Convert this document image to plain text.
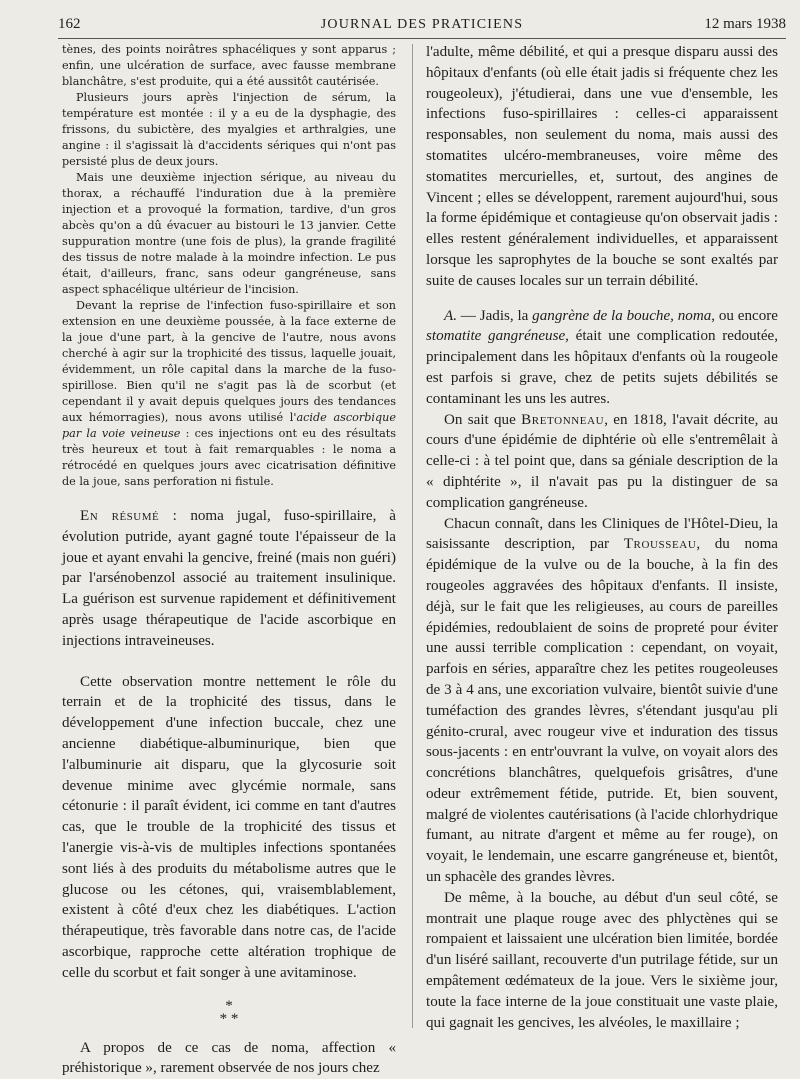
162	JOURNAL DES PRATICIENS	12 mars 1938

tènes, des points noirâtres sphacéliques y sont apparus ; enfin, une ulcération de surface, avec fausse membrane blanchâtre, s'est produite, qui a été aussitôt cautérisée.

Plusieurs jours après l'injection de sérum, la température est montée : il y a eu de la dysphagie, des frissons, du subictère, des myalgies et arthralgies, une angine : il s'agissait là d'accidents sériques qui n'ont pas persisté plus de deux jours.

Mais une deuxième injection sérique, au niveau du thorax, a réchauffé l'induration due à la première injection et a provoqué la formation, tardive, d'un gros abcès qu'on a dû évacuer au bistouri le 13 janvier. Cette suppuration montre (une fois de plus), la grande fragilité des tissus de notre malade à la moindre infection. Le pus était, d'ailleurs, franc, sans odeur gangréneuse, sans aspect sphacélique ultérieur de l'incision.

Devant la reprise de l'infection fuso-spirillaire et son extension en une deuxième poussée, à la face externe de la joue d'une part, à la gencive de l'autre, nous avons cherché à agir sur la trophicité des tissus, laquelle jouait, évidemment, un rôle capital dans la marche de la fuso-spirillose. Bien qu'il ne s'agit pas là de scorbut (et cependant il y avait depuis quelques jours des tendances aux hémorragies), nous avons utilisé l'acide ascorbique par la voie veineuse : ces injections ont eu des résultats très heureux et tout à fait remarquables : le noma a rétrocédé en quelques jours avec cicatrisation définitive de la joue, sans perforation ni fistule.

En résumé : noma jugal, fuso-spirillaire, à évolution putride, ayant gagné toute l'épaisseur de la joue et ayant envahi la gencive, freiné (mais non guéri) par l'arsénobenzol associé au traitement insulinique. La guérison est survenue rapidement et définitivement après usage thérapeutique de l'acide ascorbique en injections intraveineuses.

Cette observation montre nettement le rôle du terrain et de la trophicité des tissus, dans le développement d'une infection buccale, chez une ancienne diabétique-albuminurique, bien que l'albuminurie ait disparu, que la glycosurie soit devenue minime avec glycémie normale, sans cétonurie : il paraît évident, ici comme en tant d'autres cas, que le trouble de la trophicité des tissus et l'anergie vis-à-vis de multiples infections spontanées sont liés à des produits du métabolisme autres que le glucose ou les cétones, qui, vraisemblablement, existent à côté d'eux chez les diabétiques. L'action thérapeutique, très favorable dans notre cas, de l'acide ascorbique, rapproche cette altération trophique de celle du scorbut et fait songer à une avitaminose.

*
* *

A propos de ce cas de noma, affection « préhistorique », rarement observée de nos jours chez

l'adulte, même débilité, et qui a presque disparu aussi des hôpitaux d'enfants (où elle était jadis si fréquente chez les rougeoleux), j'étudierai, dans une vue d'ensemble, les infections fuso-spirillaires : celles-ci apparaissent responsables, non seulement du noma, mais aussi des stomatites ulcéro-membraneuses, voire même des stomatites mercurielles, et, surtout, des angines de Vincent ; elles se développent, rarement aujourd'hui, sous la forme épidémique et contagieuse qu'on observait jadis : elles restent généralement individuelles, et apparaissent lorsque les saprophytes de la bouche se sont exaltés par suite de causes locales sur un terrain débilité.

A. — Jadis, la gangrène de la bouche, noma, ou encore stomatite gangréneuse, était une complication redoutée, principalement dans les hôpitaux d'enfants où la rougeole est parfois si grave, chez de petits sujets débilités se contaminant les uns les autres.

On sait que Bretonneau, en 1818, l'avait décrite, au cours d'une épidémie de diphtérie où elle s'entremêlait à celle-ci : à tel point que, dans sa géniale description de la « diphtérite », il n'avait pas pu la distinguer de sa complication gangréneuse.

Chacun connaît, dans les Cliniques de l'Hôtel-Dieu, la saisissante description, par Trousseau, du noma épidémique de la vulve ou de la bouche, à la fin des rougeoles aggravées des hôpitaux d'enfants. Il insiste, déjà, sur le fait que les religieuses, au cours de pareilles épidémies, redoublaient de soins de propreté pour éviter une aussi terrible complication : cependant, on voyait, parfois en séries, apparaître chez les petites rougeoleuses de 3 à 4 ans, une excoriation vulvaire, bientôt suivie d'une tuméfaction des grandes lèvres, s'étendant jusqu'au pli génito-crural, avec rougeur vive et induration des tissus sous-jacents : en entr'ouvrant la vulve, on voyait alors des concrétions blanchâtres, quelquefois grisâtres, d'une odeur extrêmement fétide, putride. Et, bien souvent, malgré de violentes cautérisations (à l'acide chlorhydrique fumant, au nitrate d'argent et même au fer rouge), on voyait, le lendemain, une escarre gangréneuse et, bientôt, un sphacèle des grandes lèvres.

De même, à la bouche, au début d'un seul côté, se montrait une plaque rouge avec des phlyctènes qui se rompaient et laissaient une ulcération bien limitée, bordée d'un liséré saillant, recouverte d'un putrilage fétide, sur un empâtement œdémateux de la joue. Vers le sixième jour, toute la face interne de la joue constituait une vaste plaie, qui gagnait les gencives, les alvéoles, le maxillaire ;
